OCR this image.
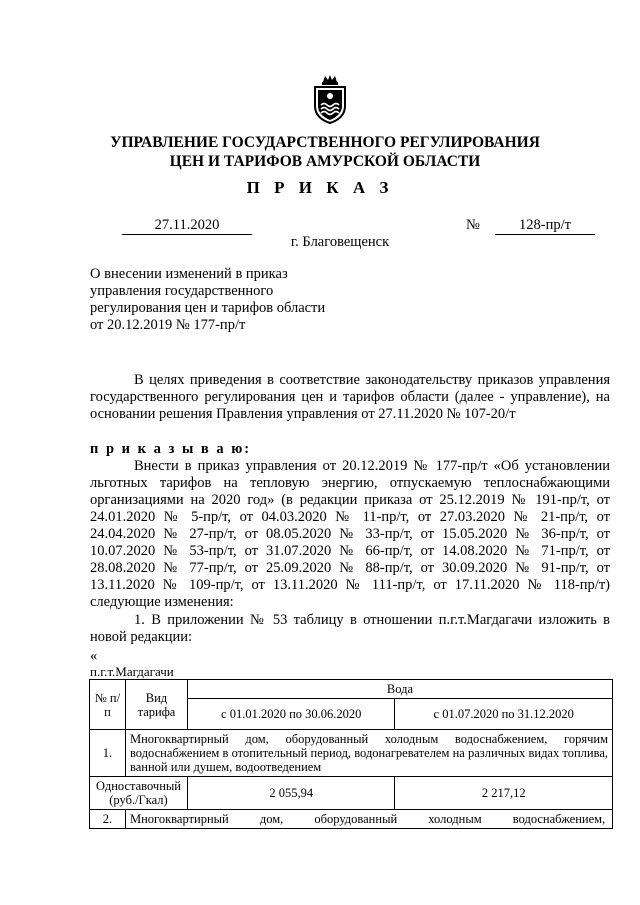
УПРАВЛЕНИЕ ГОСУДАРСТВЕННОГО РЕГУЛИРОВАНИЯ
ЦЕН И ТАРИФОВ АМУРСКОЙ ОБЛАСТИ
П Р И К А З
27.11.2020	№	128-пр/т
г. Благовещенск
О внесении изменений в приказ
управления государственного
регулирования цен и тарифов области
от 20.12.2019 № 177-пр/т
В целях приведения в соответствие законодательству приказов управления государственного регулирования цен и тарифов области (далее - управление), на основании решения Правления управления от 27.11.2020 № 107-20/т
п р и к а з ы в а ю:
Внести в приказ управления от 20.12.2019 № 177-пр/т «Об установлении льготных тарифов на тепловую энергию, отпускаемую теплоснабжающими организациями на 2020 год» (в редакции приказа от 25.12.2019 № 191-пр/т, от 24.01.2020 № 5-пр/т, от 04.03.2020 № 11-пр/т, от 27.03.2020 № 21-пр/т, от 24.04.2020 № 27-пр/т, от 08.05.2020 № 33-пр/т, от 15.05.2020 № 36-пр/т, от 10.07.2020 № 53-пр/т, от 31.07.2020 № 66-пр/т, от 14.08.2020 № 71-пр/т, от 28.08.2020 № 77-пр/т, от 25.09.2020 № 88-пр/т, от 30.09.2020 № 91-пр/т, от 13.11.2020 № 109-пр/т, от 13.11.2020 № 111-пр/т, от 17.11.2020 № 118-пр/т) следующие изменения:
1. В приложении № 53 таблицу в отношении п.г.т.Магдагачи изложить в новой редакции:
«
п.г.т.Магдагачи
№ п/п	Вид тарифа	Вода	
		с 01.01.2020 по 30.06.2020	с 01.07.2020 по 31.12.2020
1.	Многоквартирный дом, оборудованный холодным водоснабжением, горячим водоснабжением в отопительный период, водонагревателем на различных видах топлива, ванной или душем, водоотведением		
Одноставочный (руб./Гкал)		2 055,94	2 217,12
2.	Многоквартирный дом, оборудованный холодным водоснабжением,		
